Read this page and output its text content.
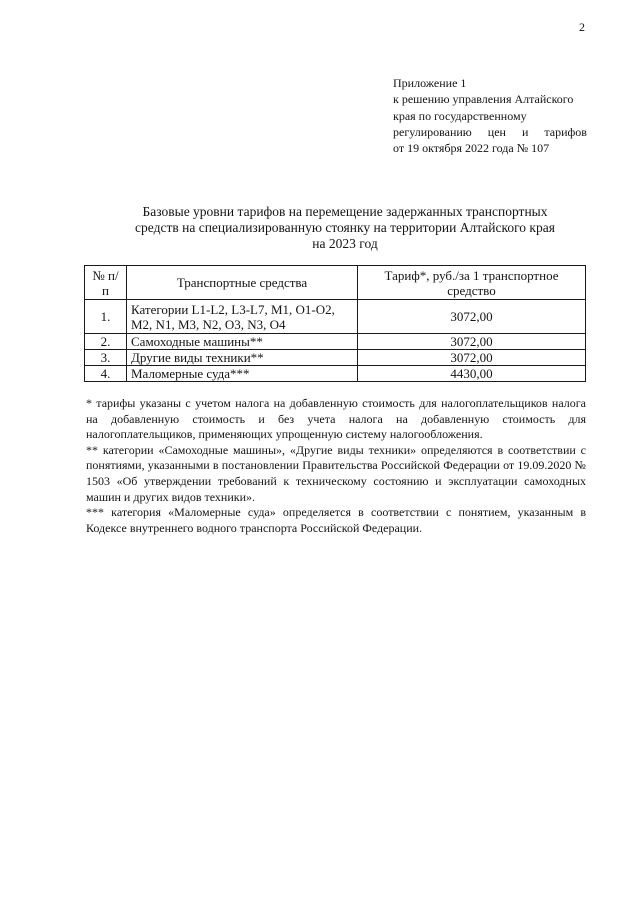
2
Приложение 1
к решению управления Алтайского
края по государственному
регулированию цен и тарифов
от 19 октября 2022 года № 107
Базовые уровни тарифов на перемещение задержанных транспортных
средств на специализированную стоянку на территории Алтайского края
на 2023 год
№ п/п	Транспортные средства	Тариф*, руб./за 1 транспортное средство
1.	Категории L1-L2, L3-L7, M1, O1-O2, M2, N1, M3, N2, O3, N3, O4	3072,00
2.	Самоходные машины**	3072,00
3.	Другие виды техники**	3072,00
4.	Маломерные суда***	4430,00

* тарифы указаны с учетом налога на добавленную стоимость для налогоплательщиков налога на добавленную стоимость и без учета налога на добавленную стоимость для налогоплательщиков, применяющих упрощенную систему налогообложения.

** категории «Самоходные машины», «Другие виды техники» определяются в соответствии с понятиями, указанными в постановлении Правительства Российской Федерации от 19.09.2020 № 1503 «Об утверждении требований к техническому состоянию и эксплуатации самоходных машин и других видов техники».

*** категория «Маломерные суда» определяется в соответствии с понятием, указанным в Кодексе внутреннего водного транспорта Российской Федерации.
